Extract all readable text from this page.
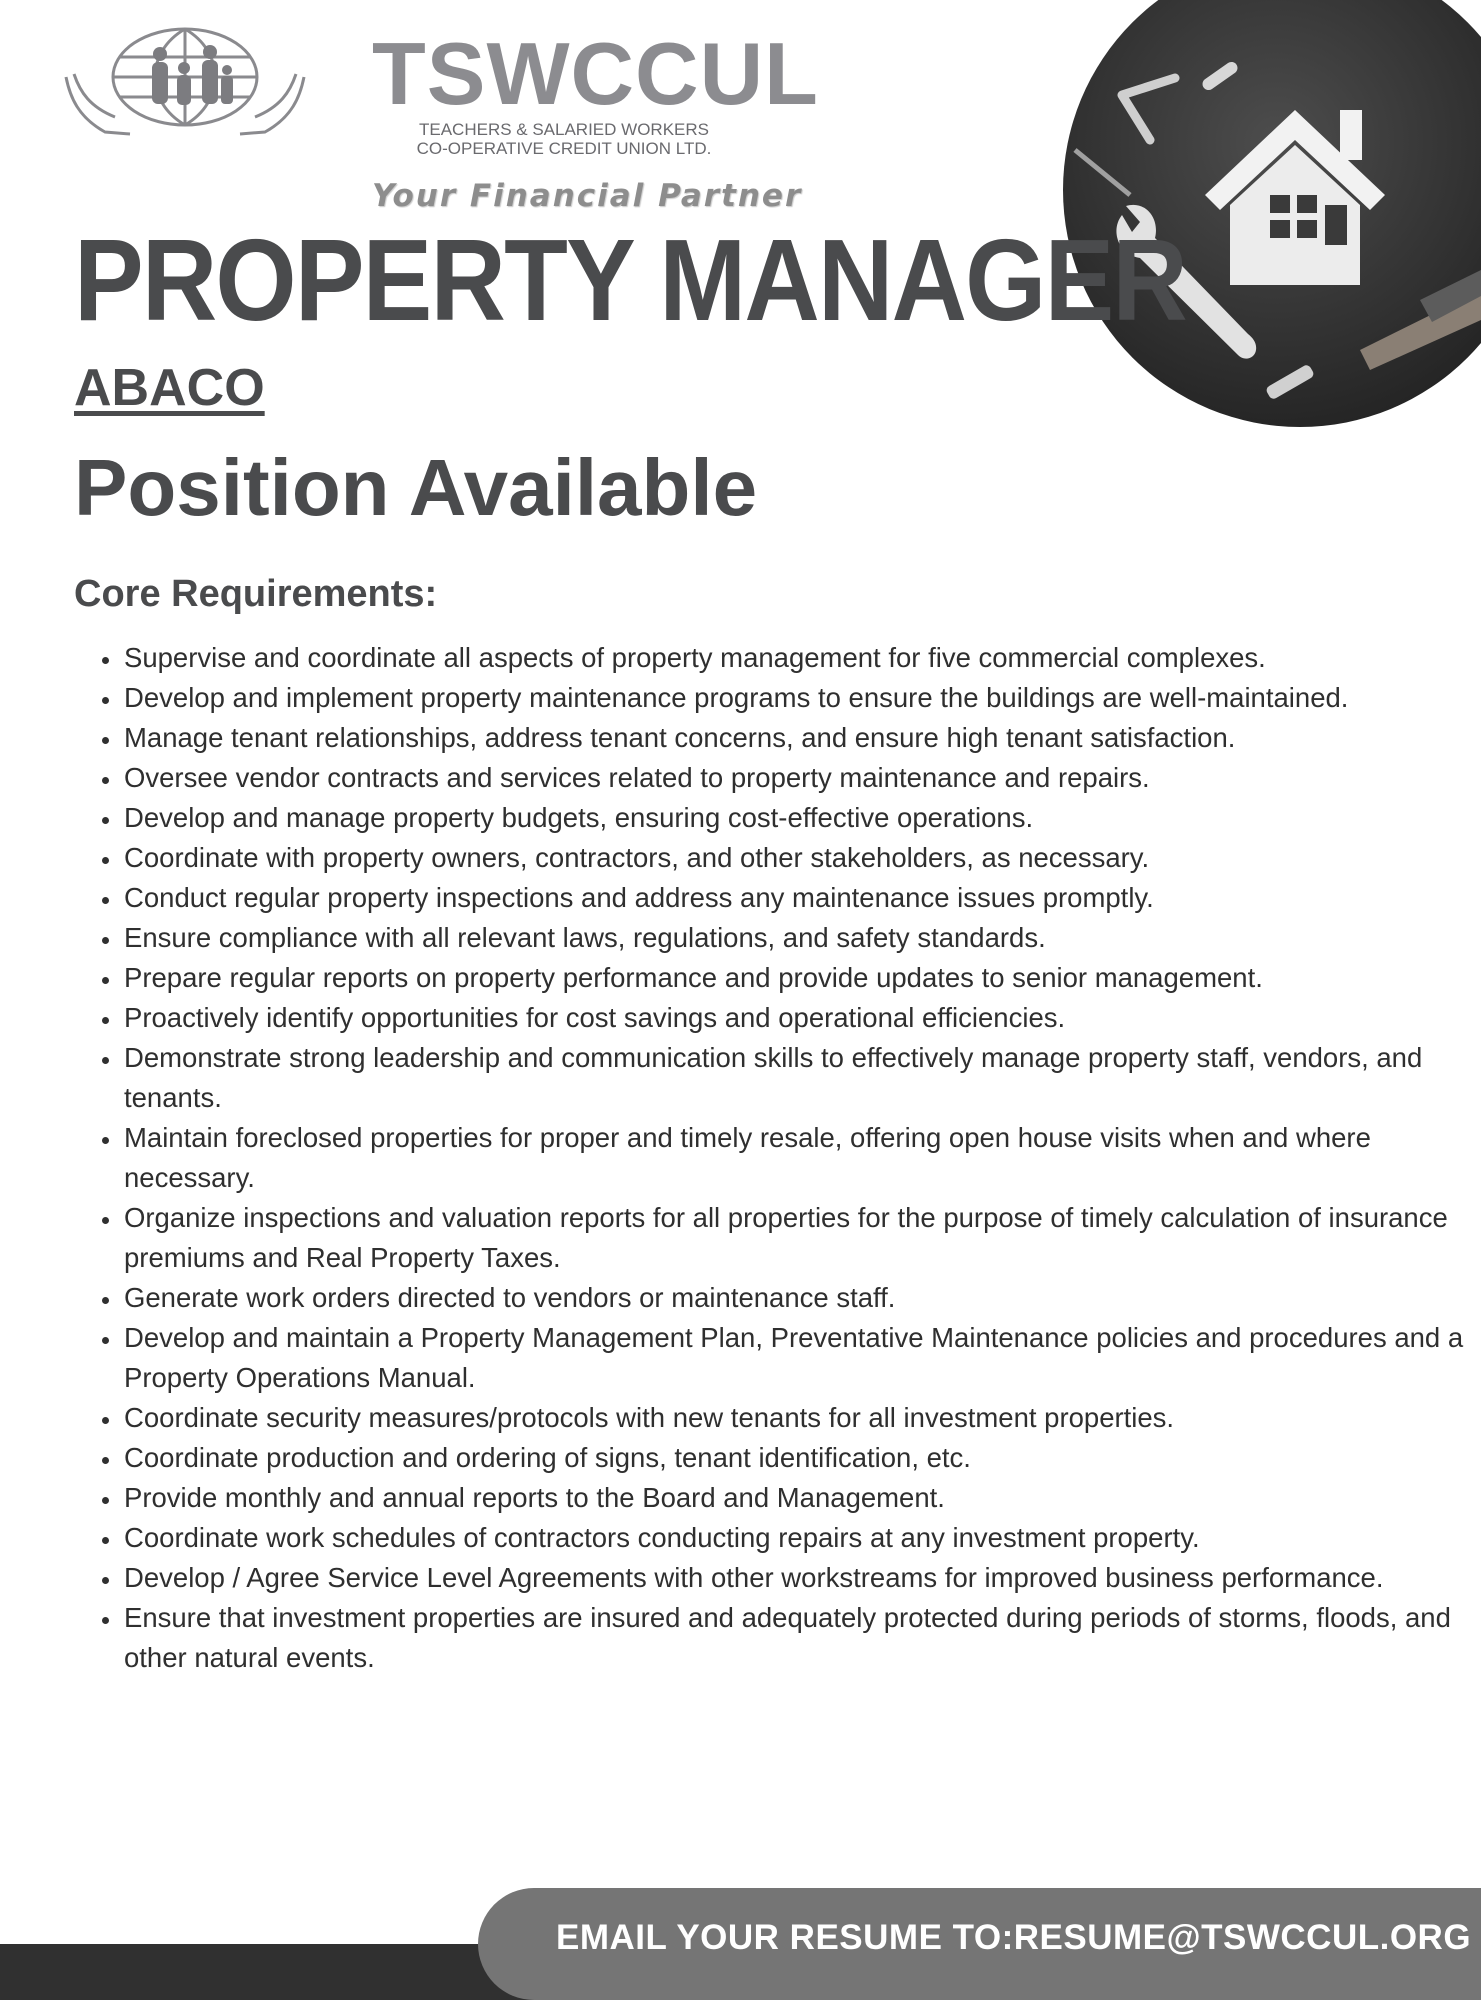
TSWCCUL
TEACHERS & SALARIED WORKERS
CO-OPERATIVE CREDIT UNION LTD.
Your Financial Partner
PROPERTY MANAGER
ABACO
Position Available
Core Requirements:
• Supervise and coordinate all aspects of property management for five commercial complexes.
• Develop and implement property maintenance programs to ensure the buildings are well-maintained.
• Manage tenant relationships, address tenant concerns, and ensure high tenant satisfaction.
• Oversee vendor contracts and services related to property maintenance and repairs.
• Develop and manage property budgets, ensuring cost-effective operations.
• Coordinate with property owners, contractors, and other stakeholders, as necessary.
• Conduct regular property inspections and address any maintenance issues promptly.
• Ensure compliance with all relevant laws, regulations, and safety standards.
• Prepare regular reports on property performance and provide updates to senior management.
• Proactively identify opportunities for cost savings and operational efficiencies.
• Demonstrate strong leadership and communication skills to effectively manage property staff, vendors, and tenants.
• Maintain foreclosed properties for proper and timely resale, offering open house visits when and where necessary.
• Organize inspections and valuation reports for all properties for the purpose of timely calculation of insurance premiums and Real Property Taxes.
• Generate work orders directed to vendors or maintenance staff.
• Develop and maintain a Property Management Plan, Preventative Maintenance policies and procedures and a Property Operations Manual.
• Coordinate security measures/protocols with new tenants for all investment properties.
• Coordinate production and ordering of signs, tenant identification, etc.
• Provide monthly and annual reports to the Board and Management.
• Coordinate work schedules of contractors conducting repairs at any investment property.
• Develop / Agree Service Level Agreements with other workstreams for improved business performance.
• Ensure that investment properties are insured and adequately protected during periods of storms, floods, and other natural events.
EMAIL YOUR RESUME TO:RESUME@TSWCCUL.ORG
